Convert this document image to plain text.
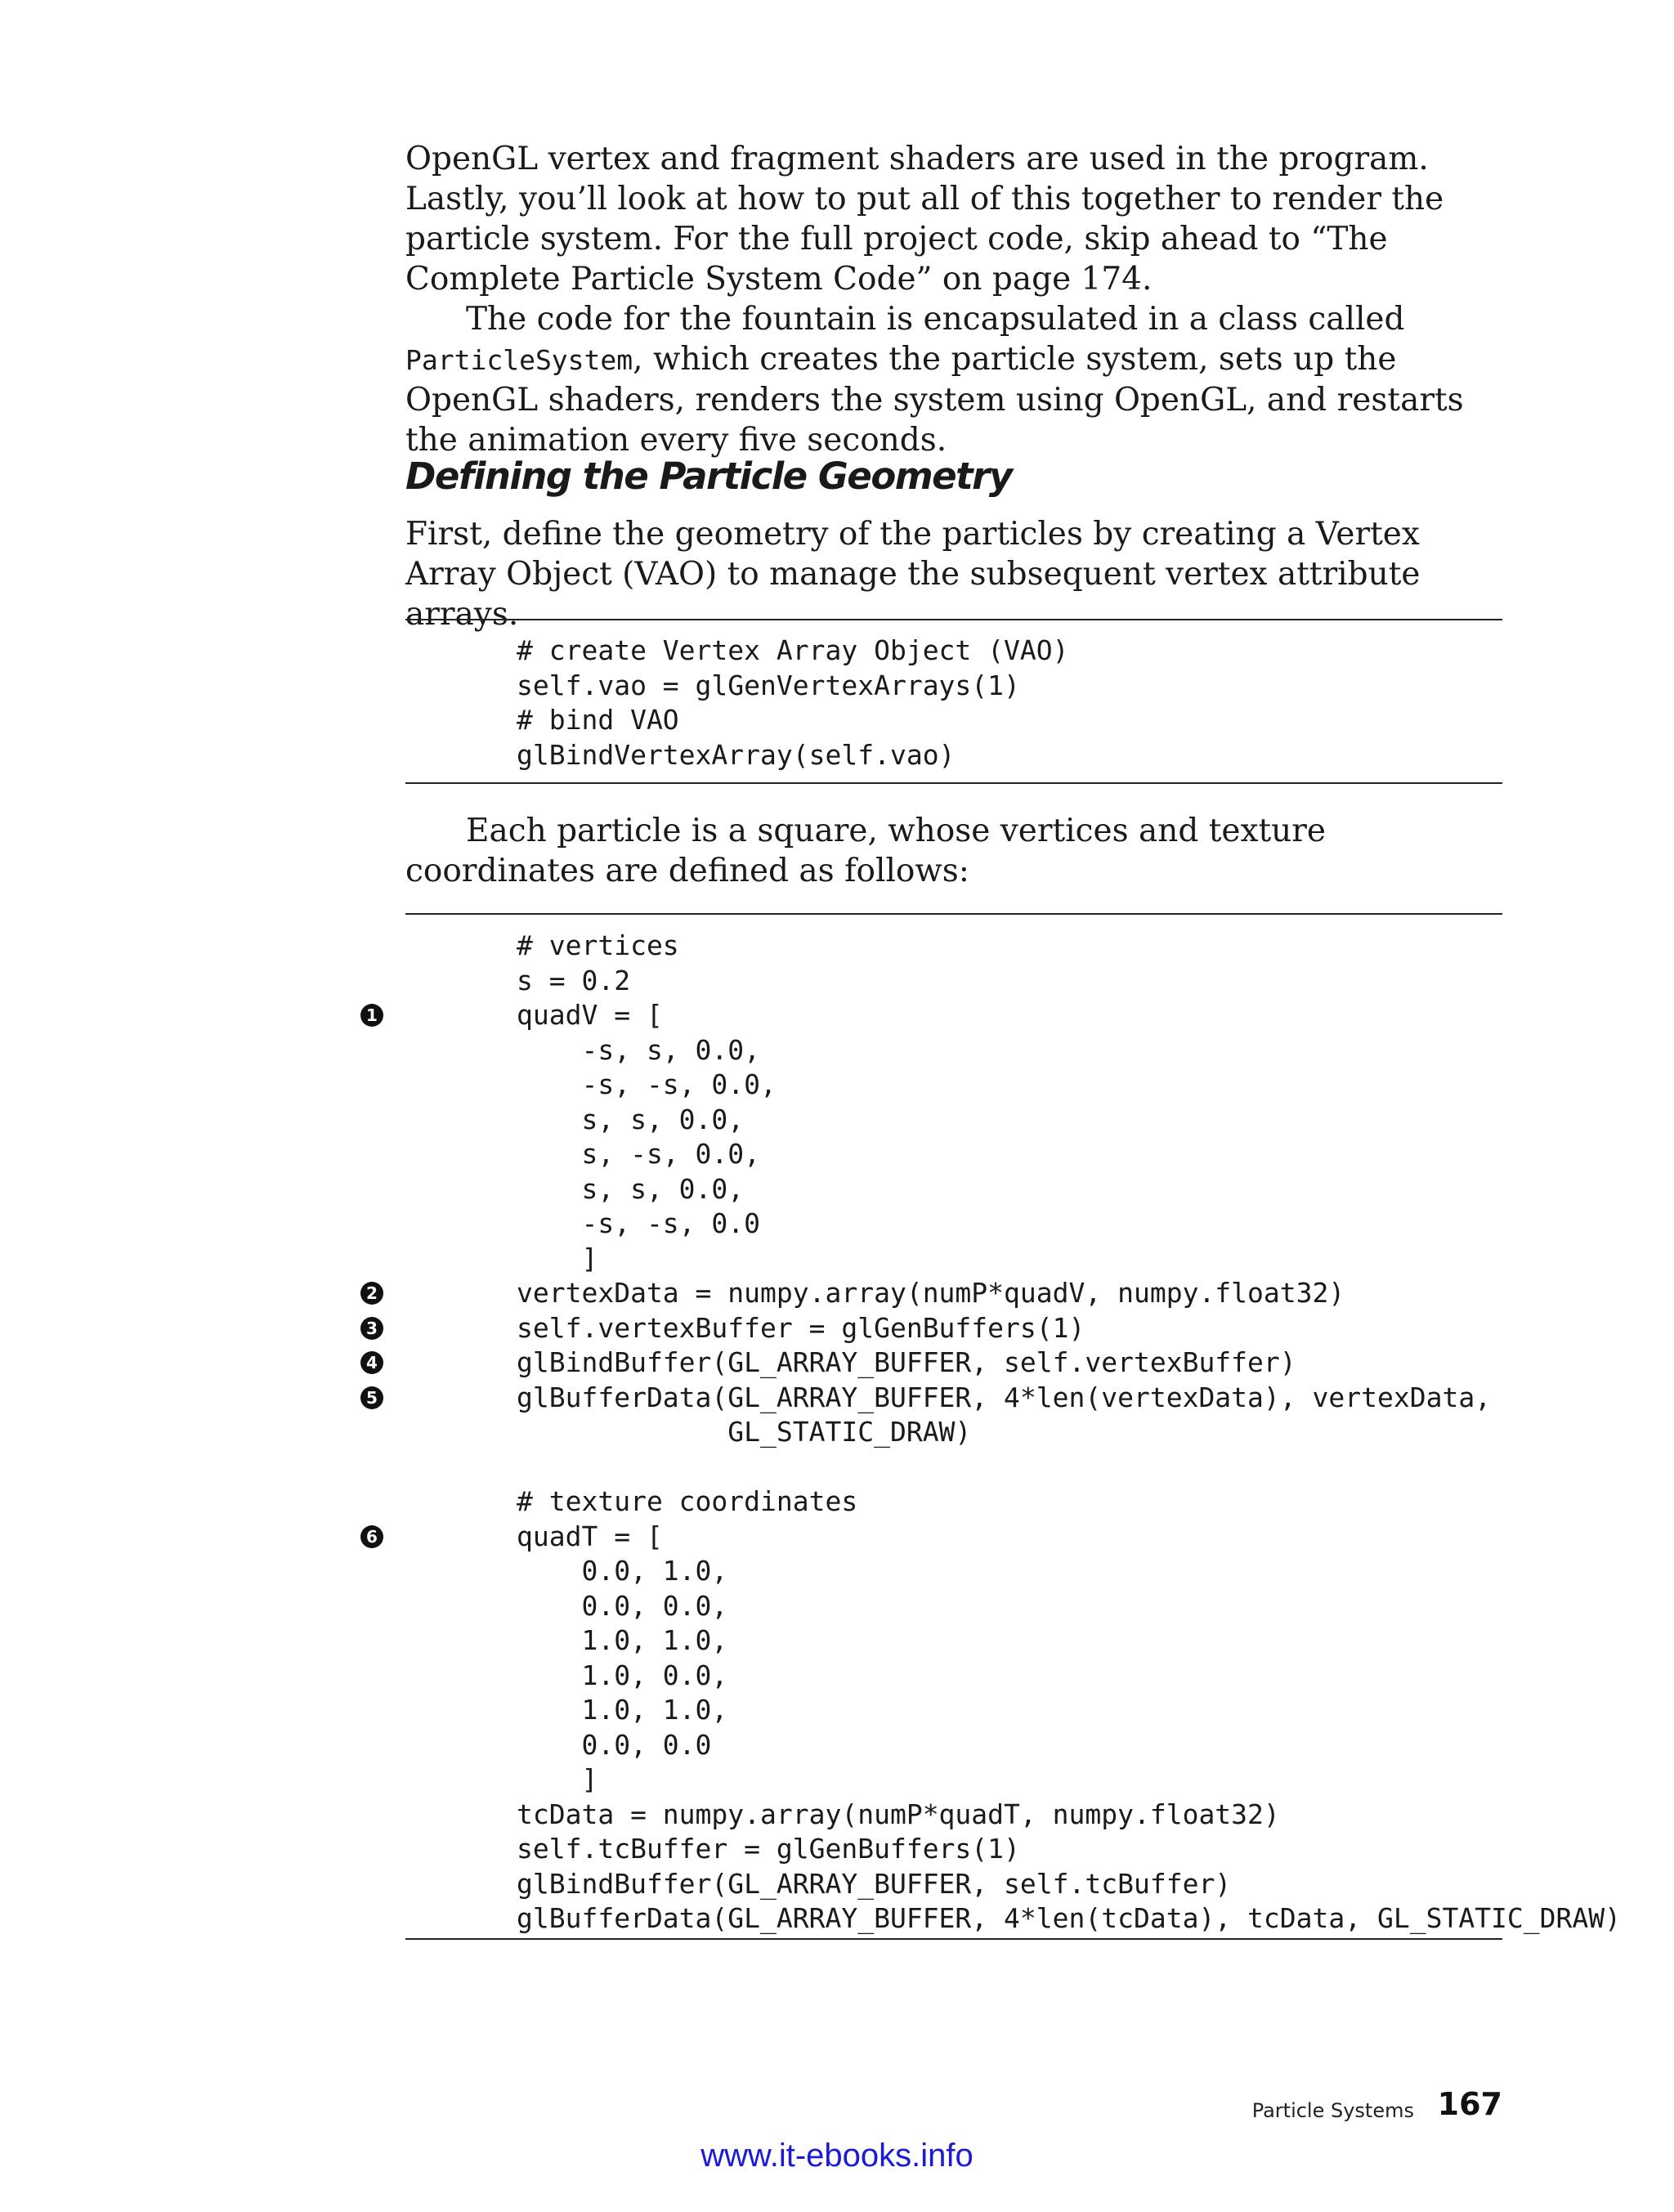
OpenGL vertex and fragment shaders are used in the program. Lastly, you’ll look at how to put all of this together to render the particle system. For the full project code, skip ahead to “The Complete Particle System Code” on page 174.

The code for the fountain is encapsulated in a class called ParticleSystem, which creates the particle system, sets up the OpenGL shaders, renders the system using OpenGL, and restarts the animation every five seconds.

Defining the Particle Geometry

First, define the geometry of the particles by creating a Vertex Array Object (VAO) to manage the subsequent vertex attribute arrays.

# create Vertex Array Object (VAO)
self.vao = glGenVertexArrays(1)
# bind VAO
glBindVertexArray(self.vao)

Each particle is a square, whose vertices and texture coordinates are defined as follows:

# vertices
s = 0.2
quadV = [
-s, s, 0.0,
-s, -s, 0.0,
s, s, 0.0,
s, -s, 0.0,
s, s, 0.0,
-s, -s, 0.0
]
vertexData = numpy.array(numP*quadV, numpy.float32)
self.vertexBuffer = glGenBuffers(1)
glBindBuffer(GL_ARRAY_BUFFER, self.vertexBuffer)
glBufferData(GL_ARRAY_BUFFER, 4*len(vertexData), vertexData,
GL_STATIC_DRAW)

# texture coordinates
quadT = [
0.0, 1.0,
0.0, 0.0,
1.0, 1.0,
1.0, 0.0,
1.0, 1.0,
0.0, 0.0
]
tcData = numpy.array(numP*quadT, numpy.float32)
self.tcBuffer = glGenBuffers(1)
glBindBuffer(GL_ARRAY_BUFFER, self.tcBuffer)
glBufferData(GL_ARRAY_BUFFER, 4*len(tcData), tcData, GL_STATIC_DRAW)
1
2
3
4
5
6
Particle Systems 167
www.it-ebooks.info
